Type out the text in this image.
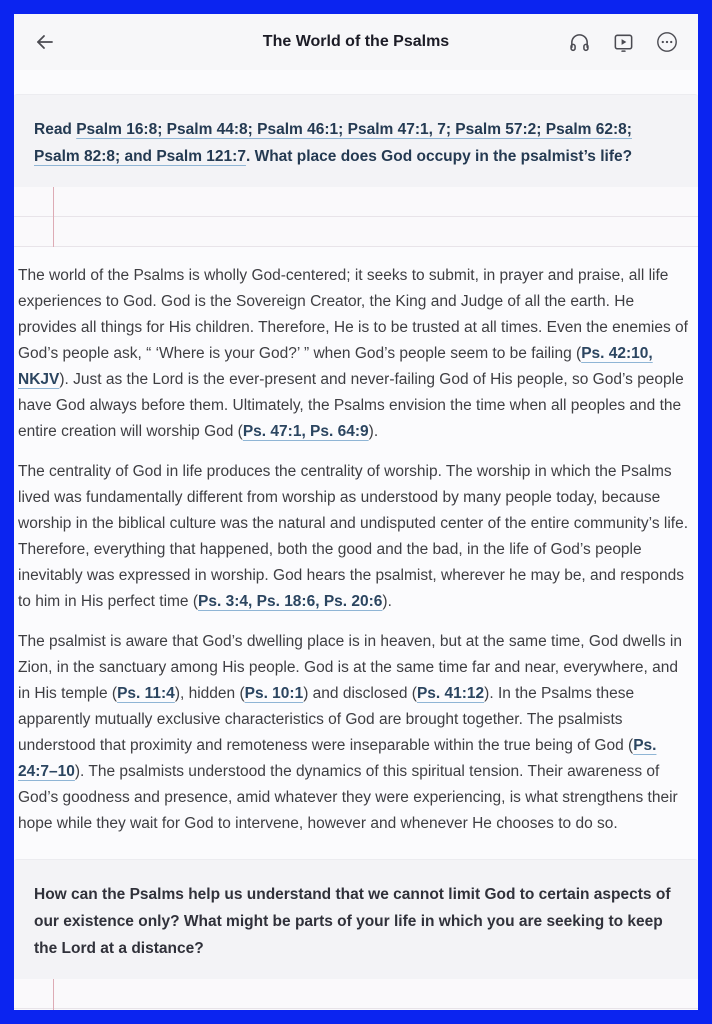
The World of the Psalms

Read Psalm 16:8; Psalm 44:8; Psalm 46:1; Psalm 47:1, 7; Psalm 57:2; Psalm 62:8; Psalm 82:8; and Psalm 121:7. What place does God occupy in the psalmist’s life?

The world of the Psalms is wholly God-centered; it seeks to submit, in prayer and praise, all life experiences to God. God is the Sovereign Creator, the King and Judge of all the earth. He provides all things for His children. Therefore, He is to be trusted at all times. Even the enemies of God’s people ask, “ ‘Where is your God?’ ” when God’s people seem to be failing (Ps. 42:10, NKJV). Just as the Lord is the ever-present and never-failing God of His people, so God’s people have God always before them. Ultimately, the Psalms envision the time when all peoples and the entire creation will worship God (Ps. 47:1, Ps. 64:9).

The centrality of God in life produces the centrality of worship. The worship in which the Psalms lived was fundamentally different from worship as understood by many people today, because worship in the biblical culture was the natural and undisputed center of the entire community’s life. Therefore, everything that happened, both the good and the bad, in the life of God’s people inevitably was expressed in worship. God hears the psalmist, wherever he may be, and responds to him in His perfect time (Ps. 3:4, Ps. 18:6, Ps. 20:6).

The psalmist is aware that God’s dwelling place is in heaven, but at the same time, God dwells in Zion, in the sanctuary among His people. God is at the same time far and near, everywhere, and in His temple (Ps. 11:4), hidden (Ps. 10:1) and disclosed (Ps. 41:12). In the Psalms these apparently mutually exclusive characteristics of God are brought together. The psalmists understood that proximity and remoteness were inseparable within the true being of God (Ps. 24:7–10). The psalmists understood the dynamics of this spiritual tension. Their awareness of God’s goodness and presence, amid whatever they were experiencing, is what strengthens their hope while they wait for God to intervene, however and whenever He chooses to do so.

How can the Psalms help us understand that we cannot limit God to certain aspects of our existence only? What might be parts of your life in which you are seeking to keep the Lord at a distance?
